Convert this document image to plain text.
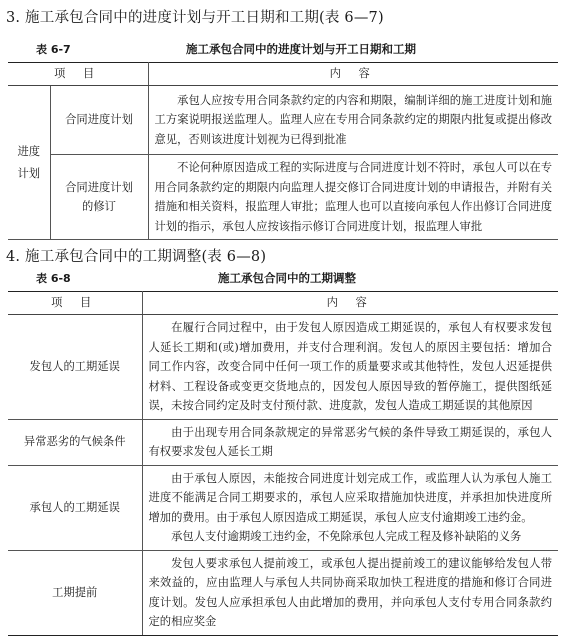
3. 施工承包合同中的进度计划与开工日期和工期(表 6—7)
表 6-7	施工承包合同中的进度计划与开工日期和工期
项 目		内 容
进度计划	合同进度计划	承包人应按专用合同条款约定的内容和期限，编制详细的施工进度计划和施工方案说明报送监理人。监理人应在专用合同条款约定的期限内批复或提出修改意见，否则该进度计划视为已得到批准
	合同进度计划的修订	不论何种原因造成工程的实际进度与合同进度计划不符时，承包人可以在专用合同条款约定的期限内向监理人提交修订合同进度计划的申请报告，并附有关措施和相关资料，报监理人审批；监理人也可以直接向承包人作出修订合同进度计划的指示，承包人应按该指示修订合同进度计划，报监理人审批
4. 施工承包合同中的工期调整(表 6—8)
表 6-8	施工承包合同中的工期调整
项 目	内 容
发包人的工期延误	在履行合同过程中，由于发包人原因造成工期延误的，承包人有权要求发包人延长工期和(或)增加费用，并支付合理利润。发包人的原因主要包括：增加合同工作内容，改变合同中任何一项工作的质量要求或其他特性，发包人迟延提供材料、工程设备或变更交货地点的，因发包人原因导致的暂停施工，提供图纸延误，未按合同约定及时支付预付款、进度款，发包人造成工期延误的其他原因
异常恶劣的气候条件	由于出现专用合同条款规定的异常恶劣气候的条件导致工期延误的，承包人有权要求发包人延长工期
承包人的工期延误	由于承包人原因，未能按合同进度计划完成工作，或监理人认为承包人施工进度不能满足合同工期要求的，承包人应采取措施加快进度，并承担加快进度所增加的费用。由于承包人原因造成工期延误，承包人应支付逾期竣工违约金。
承包人支付逾期竣工违约金，不免除承包人完成工程及修补缺陷的义务

工期提前	发包人要求承包人提前竣工，或承包人提出提前竣工的建议能够给发包人带来效益的，应由监理人与承包人共同协商采取加快工程进度的措施和修订合同进度计划。发包人应承担承包人由此增加的费用，并向承包人支付专用合同条款约定的相应奖金
